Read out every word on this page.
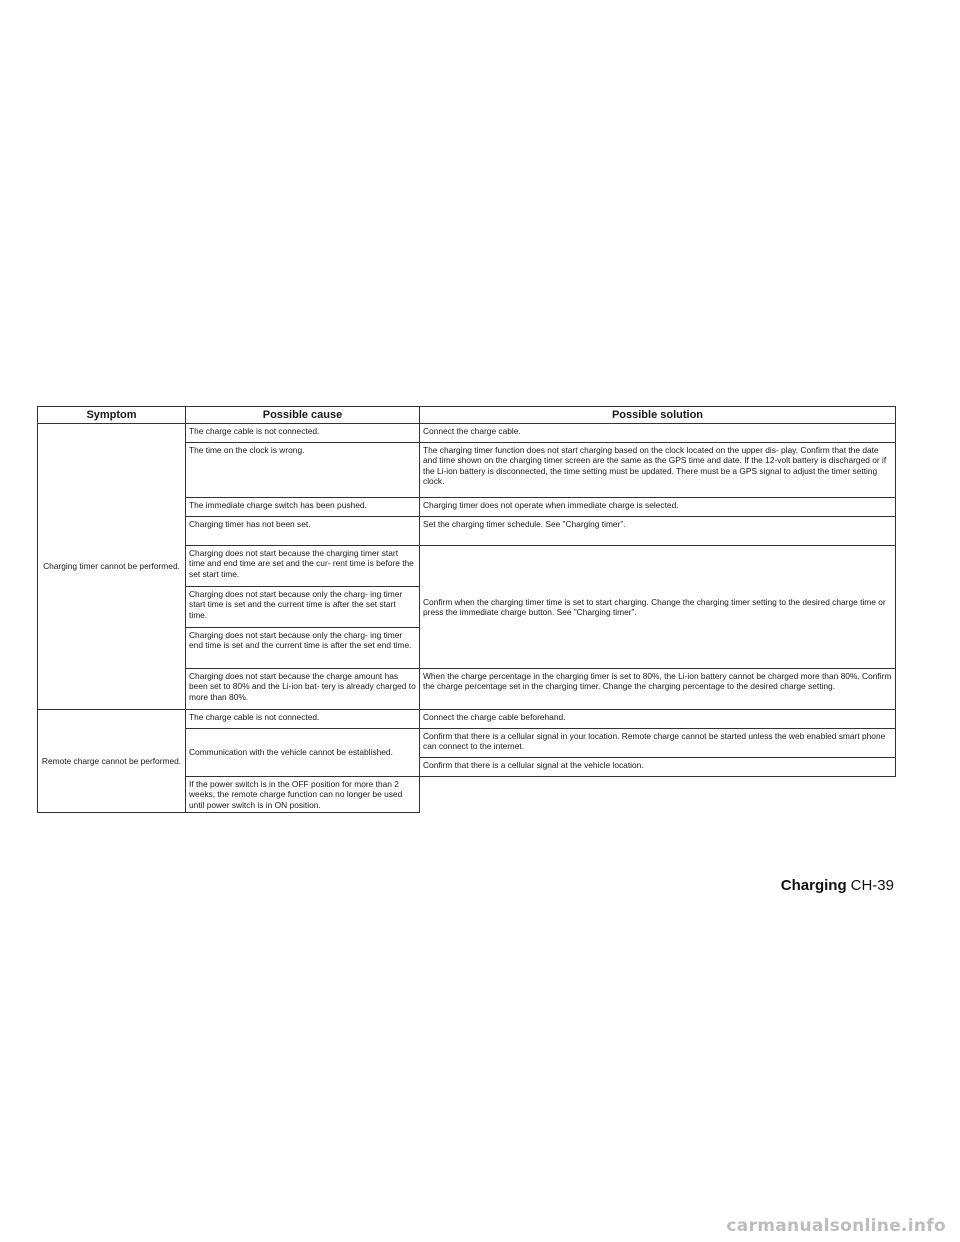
Symptom	Possible cause	Possible solution
Charging timer cannot be performed.	The charge cable is not connected.	Connect the charge cable.
	The time on the clock is wrong.	The charging timer function does not start charging based on the clock located on the upper dis- play. Confirm that the date and time shown on the charging timer screen are the same as the GPS time and date. If the 12-volt battery is discharged or if the Li-ion battery is disconnected, the time setting must be updated. There must be a GPS signal to adjust the timer setting clock.
	The immediate charge switch has been pushed.	Charging timer does not operate when immediate charge is selected.
	Charging timer has not been set.	Set the charging timer schedule. See ”Charging timer”.
	Charging does not start because the charging timer start time and end time are set and the cur- rent time is before the set start time.	Confirm when the charging timer time is set to start charging. Change the charging timer setting to the desired charge time or press the immediate charge button. See ”Charging timer”.
	Charging does not start because only the charg- ing timer start time is set and the current time is after the set start time.	
	Charging does not start because only the charg- ing timer end time is set and the current time is after the set end time.	
	Charging does not start because the charge amount has been set to 80% and the Li-ion bat- tery is already charged to more than 80%.	When the charge percentage in the charging timer is set to 80%, the Li-ion battery cannot be charged more than 80%. Confirm the charge percentage set in the charging timer. Change the charging percentage to the desired charge setting.
Remote charge cannot be performed.	The charge cable is not connected.	Connect the charge cable beforehand.
	Communication with the vehicle cannot be established.	Confirm that there is a cellular signal in your location. Remote charge cannot be started unless the web enabled smart phone can connect to the internet.
		Confirm that there is a cellular signal at the vehicle location.
	If the power switch is in the OFF position for more than 2 weeks, the remote charge function can no longer be used until power switch is in ON position.	
Charging CH-39
carmanualsonline.info
